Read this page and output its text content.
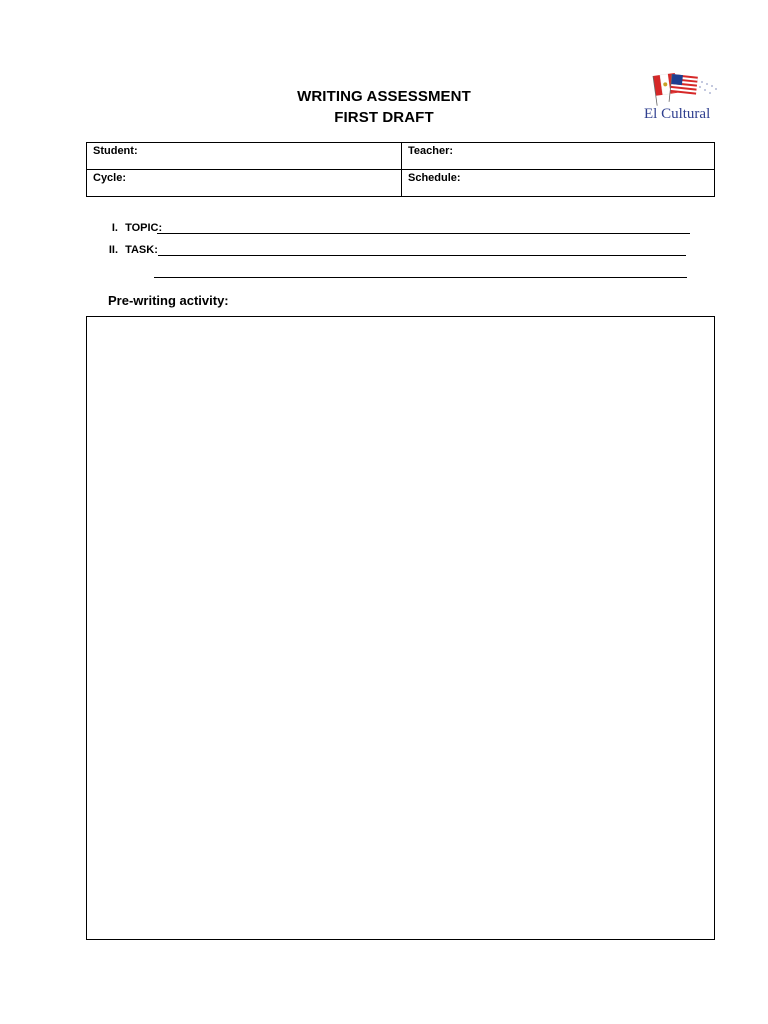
WRITING ASSESSMENT
FIRST DRAFT	El Cultural
Student:	Teacher:
Cycle:	Schedule:
I. TOPIC:
II. TASK:
Pre-writing activity:
